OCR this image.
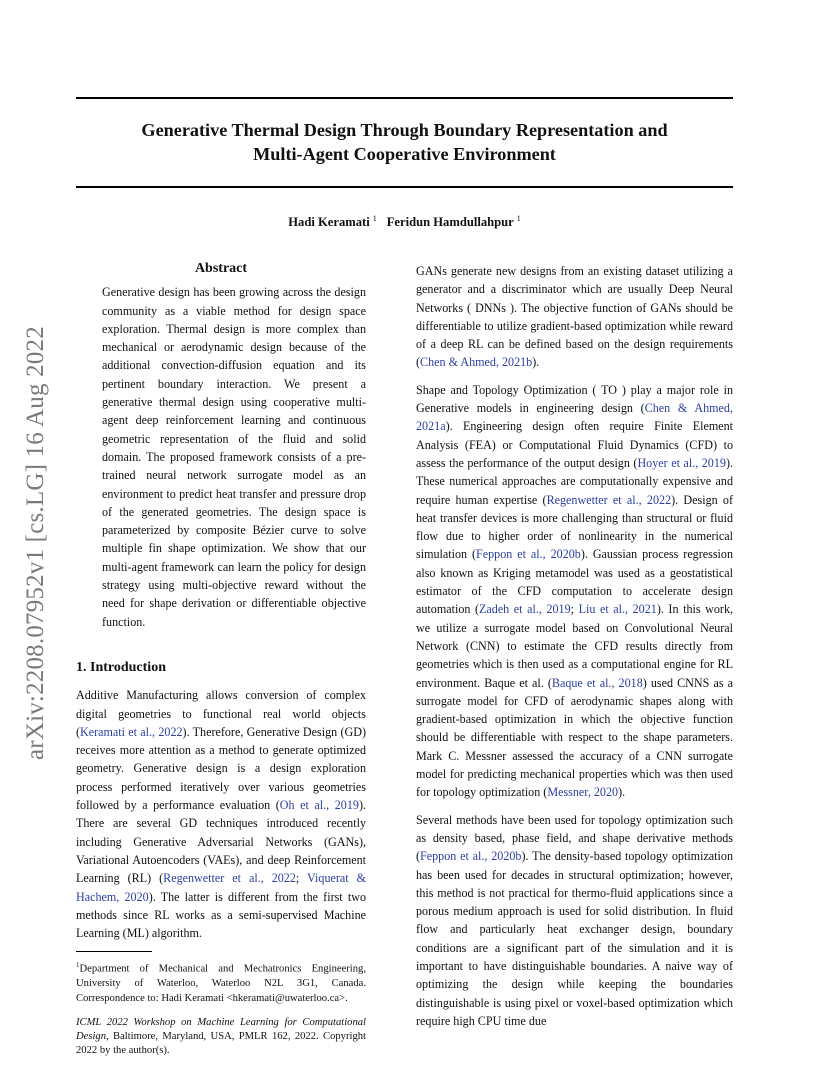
arXiv:2208.07952v1 [cs.LG] 16 Aug 2022
Generative Thermal Design Through Boundary Representation and
Multi-Agent Cooperative Environment
Hadi Keramati $^1$ Feridun Hamdullahpur $^1$
Abstract

Generative design has been growing across the design community as a viable method for design space exploration. Thermal design is more complex than mechanical or aerodynamic design because of the additional convection-diffusion equation and its pertinent boundary interaction. We present a generative thermal design using cooperative multi-agent deep reinforcement learning and continuous geometric representation of the fluid and solid domain. The proposed framework consists of a pre-trained neural network surrogate model as an environment to predict heat transfer and pressure drop of the generated geometries. The design space is parameterized by composite Bézier curve to solve multiple fin shape optimization. We show that our multi-agent framework can learn the policy for design strategy using multi-objective reward without the need for shape derivation or differentiable objective function.

1. Introduction

Additive Manufacturing allows conversion of complex digital geometries to functional real world objects (Keramati et al., 2022). Therefore, Generative Design (GD) receives more attention as a method to generate optimized geometry. Generative design is a design exploration process performed iteratively over various geometries followed by a performance evaluation (Oh et al., 2019). There are several GD techniques introduced recently including Generative Adversarial Networks (GANs), Variational Autoencoders (VAEs), and deep Reinforcement Learning (RL) (Regenwetter et al., 2022; Viquerat & Hachem, 2020). The latter is different from the first two methods since RL works as a semi-supervised Machine Learning (ML) algorithm.

$^1$Department of Mechanical and Mechatronics Engineering, University of Waterloo, Waterloo N2L 3G1, Canada. Correspondence to: Hadi Keramati <hkeramati@uwaterloo.ca>.

ICML 2022 Workshop on Machine Learning for Computational Design, Baltimore, Maryland, USA, PMLR 162, 2022. Copyright 2022 by the author(s).

GANs generate new designs from an existing dataset utilizing a generator and a discriminator which are usually Deep Neural Networks ( DNNs ). The objective function of GANs should be differentiable to utilize gradient-based optimization while reward of a deep RL can be defined based on the design requirements (Chen & Ahmed, 2021b).

Shape and Topology Optimization ( TO ) play a major role in Generative models in engineering design (Chen & Ahmed, 2021a). Engineering design often require Finite Element Analysis (FEA) or Computational Fluid Dynamics (CFD) to assess the performance of the output design (Hoyer et al., 2019). These numerical approaches are computationally expensive and require human expertise (Regenwetter et al., 2022). Design of heat transfer devices is more challenging than structural or fluid flow due to higher order of nonlinearity in the numerical simulation (Feppon et al., 2020b). Gaussian process regression also known as Kriging metamodel was used as a geostatistical estimator of the CFD computation to accelerate design automation (Zadeh et al., 2019; Liu et al., 2021). In this work, we utilize a surrogate model based on Convolutional Neural Network (CNN) to estimate the CFD results directly from geometries which is then used as a computational engine for RL environment. Baque et al. (Baque et al., 2018) used CNNS as a surrogate model for CFD of aerodynamic shapes along with gradient-based optimization in which the objective function should be differentiable with respect to the shape parameters. Mark C. Messner assessed the accuracy of a CNN surrogate model for predicting mechanical properties which was then used for topology optimization (Messner, 2020).

Several methods have been used for topology optimization such as density based, phase field, and shape derivative methods (Feppon et al., 2020b). The density-based topology optimization has been used for decades in structural optimization; however, this method is not practical for thermo-fluid applications since a porous medium approach is used for solid distribution. In fluid flow and particularly heat exchanger design, boundary conditions are a significant part of the simulation and it is important to have distinguishable boundaries. A naive way of optimizing the design while keeping the boundaries distinguishable is using pixel or voxel-based optimization which require high CPU time due
